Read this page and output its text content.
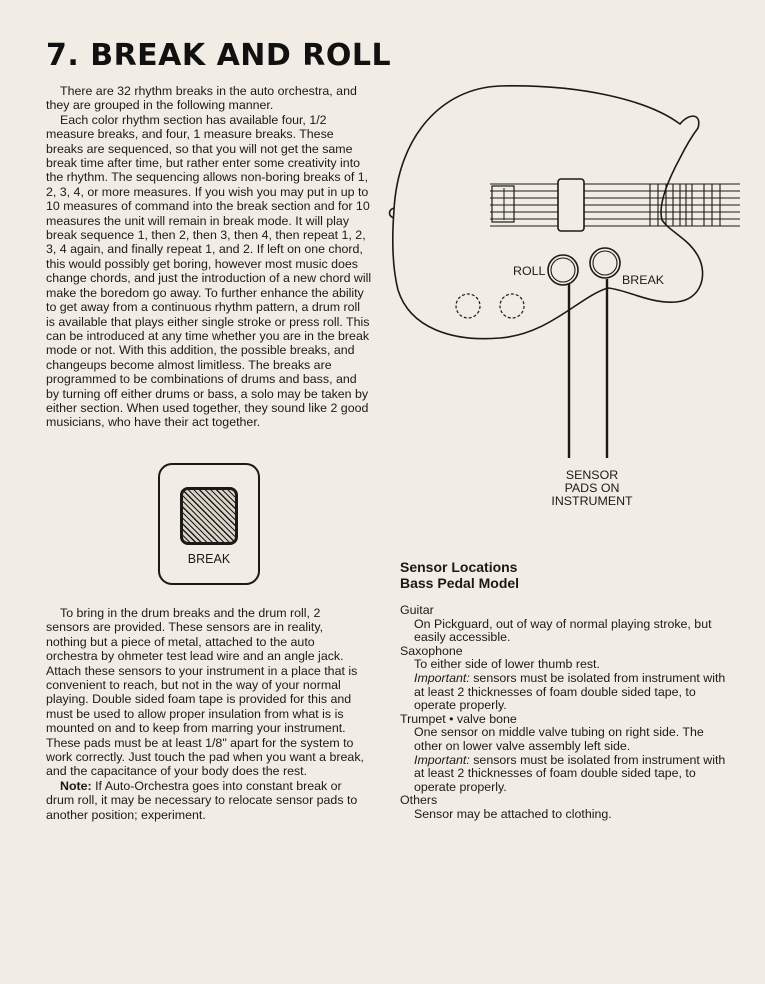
7. BREAK AND ROLL

There are 32 rhythm breaks in the auto orchestra, and they are grouped in the following manner.

Each color rhythm section has available four, 1/2 measure breaks, and four, 1 measure breaks. These breaks are sequenced, so that you will not get the same break time after time, but rather enter some creativity into the rhythm. The sequencing allows non-boring breaks of 1, 2, 3, 4, or more measures. If you wish you may put in up to 10 measures of command into the break section and for 10 measures the unit will remain in break mode. It will play break sequence 1, then 2, then 3, then 4, then repeat 1, 2, 3, 4 again, and finally repeat 1, and 2. If left on one chord, this would possibly get boring, however most music does change chords, and just the introduction of a new chord will make the boredom go away. To further enhance the ability to get away from a continuous rhythm pattern, a drum roll is available that plays either single stroke or press roll. This can be introduced at any time whether you are in the break mode or not. With this addition, the possible breaks, and changeups become almost limitless. The breaks are programmed to be combinations of drums and bass, and by turning off either drums or bass, a solo may be taken by either section. When used together, they sound like 2 good musicians, who have their act together.

BREAK

To bring in the drum breaks and the drum roll, 2 sensors are provided. These sensors are in reality, nothing but a piece of metal, attached to the auto orchestra by ohmeter test lead wire and an angle jack. Attach these sensors to your instrument in a place that is convenient to reach, but not in the way of your normal playing. Double sided foam tape is provided for this and must be used to allow proper insulation from what is is mounted on and to keep from marring your instrument. These pads must be at least 1/8" apart for the system to work correctly. Just touch the pad when you want a break, and the capacitance of your body does the rest.

Note: If Auto-Orchestra goes into constant break or drum roll, it may be necessary to relocate sensor pads to another position; experiment.

ROLL
BREAK
SENSOR
PADS ON
INSTRUMENT
Sensor Locations
Bass Pedal Model
Guitar
On Pickguard, out of way of normal playing stroke, but easily accessible.
Saxophone
To either side of lower thumb rest.
Important: sensors must be isolated from instrument with at least 2 thicknesses of foam double sided tape, to operate properly.
Trumpet • valve bone
One sensor on middle valve tubing on right side. The other on lower valve assembly left side.
Important: sensors must be isolated from instrument with at least 2 thicknesses of foam double sided tape, to operate properly.
Others
Sensor may be attached to clothing.
